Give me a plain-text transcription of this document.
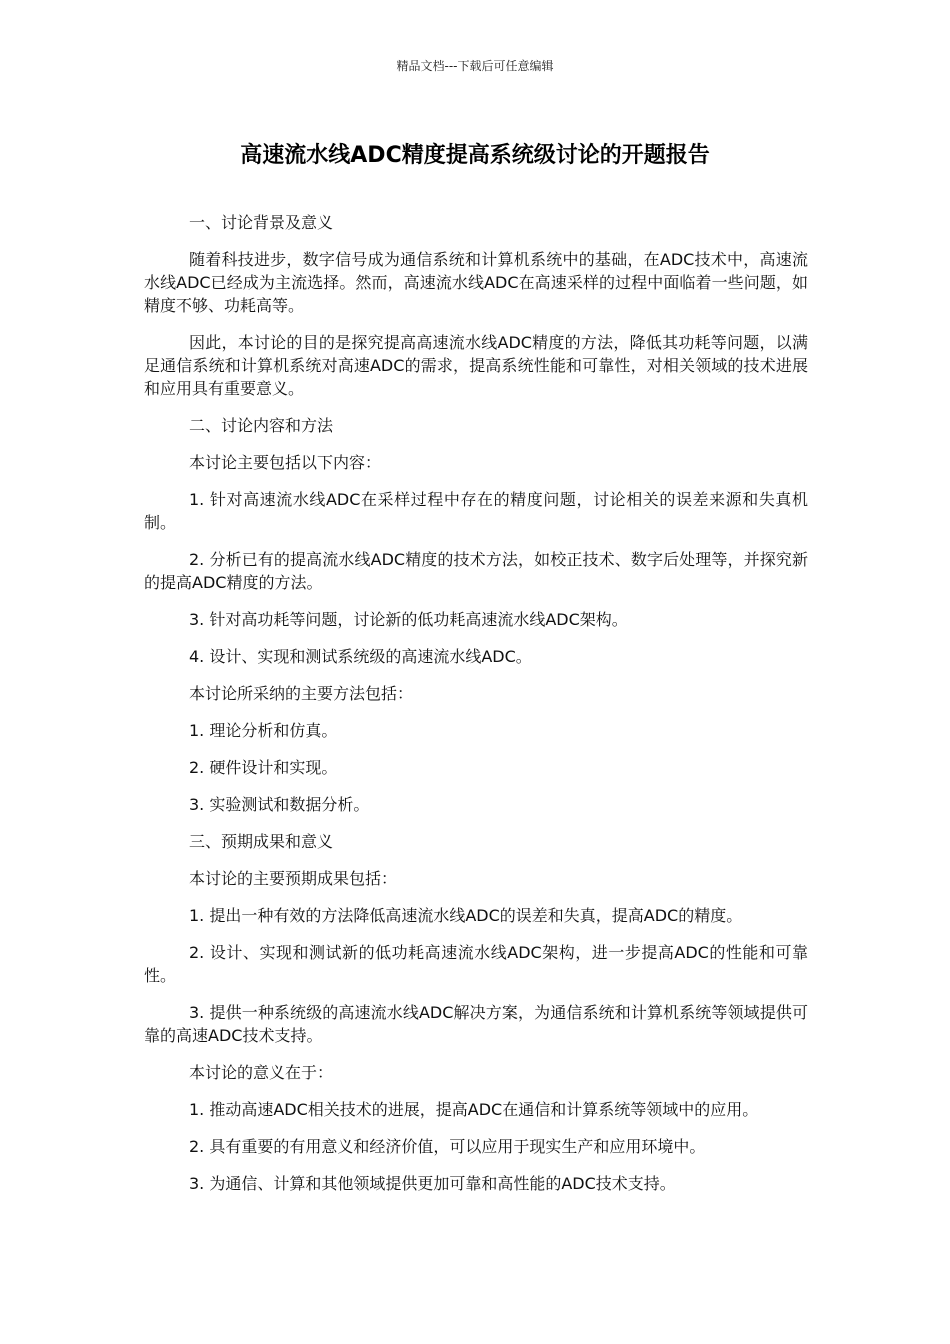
精品文档---下载后可任意编辑
高速流水线ADC精度提高系统级讨论的开题报告

一、讨论背景及意义

随着科技进步，数字信号成为通信系统和计算机系统中的基础，在ADC技术中，高速流水线ADC已经成为主流选择。然而，高速流水线ADC在高速采样的过程中面临着一些问题，如精度不够、功耗高等。

因此，本讨论的目的是探究提高高速流水线ADC精度的方法，降低其功耗等问题，以满足通信系统和计算机系统对高速ADC的需求，提高系统性能和可靠性，对相关领域的技术进展和应用具有重要意义。

二、讨论内容和方法

本讨论主要包括以下内容：

1. 针对高速流水线ADC在采样过程中存在的精度问题，讨论相关的误差来源和失真机制。

2. 分析已有的提高流水线ADC精度的技术方法，如校正技术、数字后处理等，并探究新的提高ADC精度的方法。

3. 针对高功耗等问题，讨论新的低功耗高速流水线ADC架构。

4. 设计、实现和测试系统级的高速流水线ADC。

本讨论所采纳的主要方法包括：

1. 理论分析和仿真。

2. 硬件设计和实现。

3. 实验测试和数据分析。

三、预期成果和意义

本讨论的主要预期成果包括：

1. 提出一种有效的方法降低高速流水线ADC的误差和失真，提高ADC的精度。

2. 设计、实现和测试新的低功耗高速流水线ADC架构，进一步提高ADC的性能和可靠性。

3. 提供一种系统级的高速流水线ADC解决方案，为通信系统和计算机系统等领域提供可靠的高速ADC技术支持。

本讨论的意义在于：

1. 推动高速ADC相关技术的进展，提高ADC在通信和计算系统等领域中的应用。

2. 具有重要的有用意义和经济价值，可以应用于现实生产和应用环境中。

3. 为通信、计算和其他领域提供更加可靠和高性能的ADC技术支持。
